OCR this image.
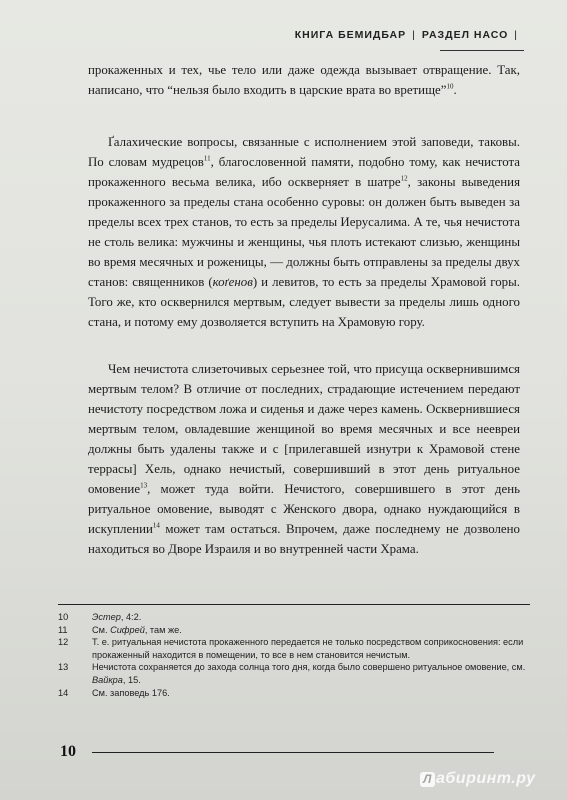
КНИГА БЕМИДБАР | РАЗДЕЛ НАСО |

прокаженных и тех, чье тело или даже одежда вызывает отвращение. Так, написано, что “нельзя было входить в царские врата во вретище”$^{10}$.

Ґалахические вопросы, связанные с исполнением этой заповеди, таковы. По словам мудрецов$^{11}$, благословенной памяти, подобно тому, как нечистота прокаженного весьма велика, ибо оскверняет в шатре$^{12}$, законы выведения прокаженного за пределы стана особенно суровы: он должен быть выведен за пределы всех трех станов, то есть за пределы Иерусалима. А те, чья нечистота не столь велика: мужчины и женщины, чья плоть истекают слизью, женщины во время месячных и роженицы, — должны быть отправлены за пределы двух станов: священников (коґенов) и левитов, то есть за пределы Храмовой горы. Того же, кто осквернился мертвым, следует вывести за пределы лишь одного стана, и потому ему дозволяется вступить на Храмовую гору.

Чем нечистота слизеточивых серьезнее той, что присуща осквернившимся мертвым телом? В отличие от последних, страдающие истечением передают нечистоту посредством ложа и сиденья и даже через камень. Осквернившиеся мертвым телом, овладевшие женщиной во время месячных и все неевреи должны быть удалены также и с [прилегавшей изнутри к Храмовой стене террасы] Хель, однако нечистый, совершивший в этот день ритуальное омовение$^{13}$, может туда войти. Нечистого, совершившего в этот день ритуальное омовение, выводят с Женского двора, однако нуждающийся в искуплении$^{14}$ может там остаться. Впрочем, даже последнему не дозволено находиться во Дворе Израиля и во внутренней части Храма.

10	Эстер, 4:2.
11	См. Сифрей, там же.
12	Т. е. ритуальная нечистота прокаженного передается не только посредством соприкосновения: если прокаженный находится в помещении, то все в нем становится нечистым.
13	Нечистота сохраняется до захода солнца того дня, когда было совершено ритуальное омовение, см. Вайкра, 15.
14	См. заповедь 176.
10
Л абиринт.ру
